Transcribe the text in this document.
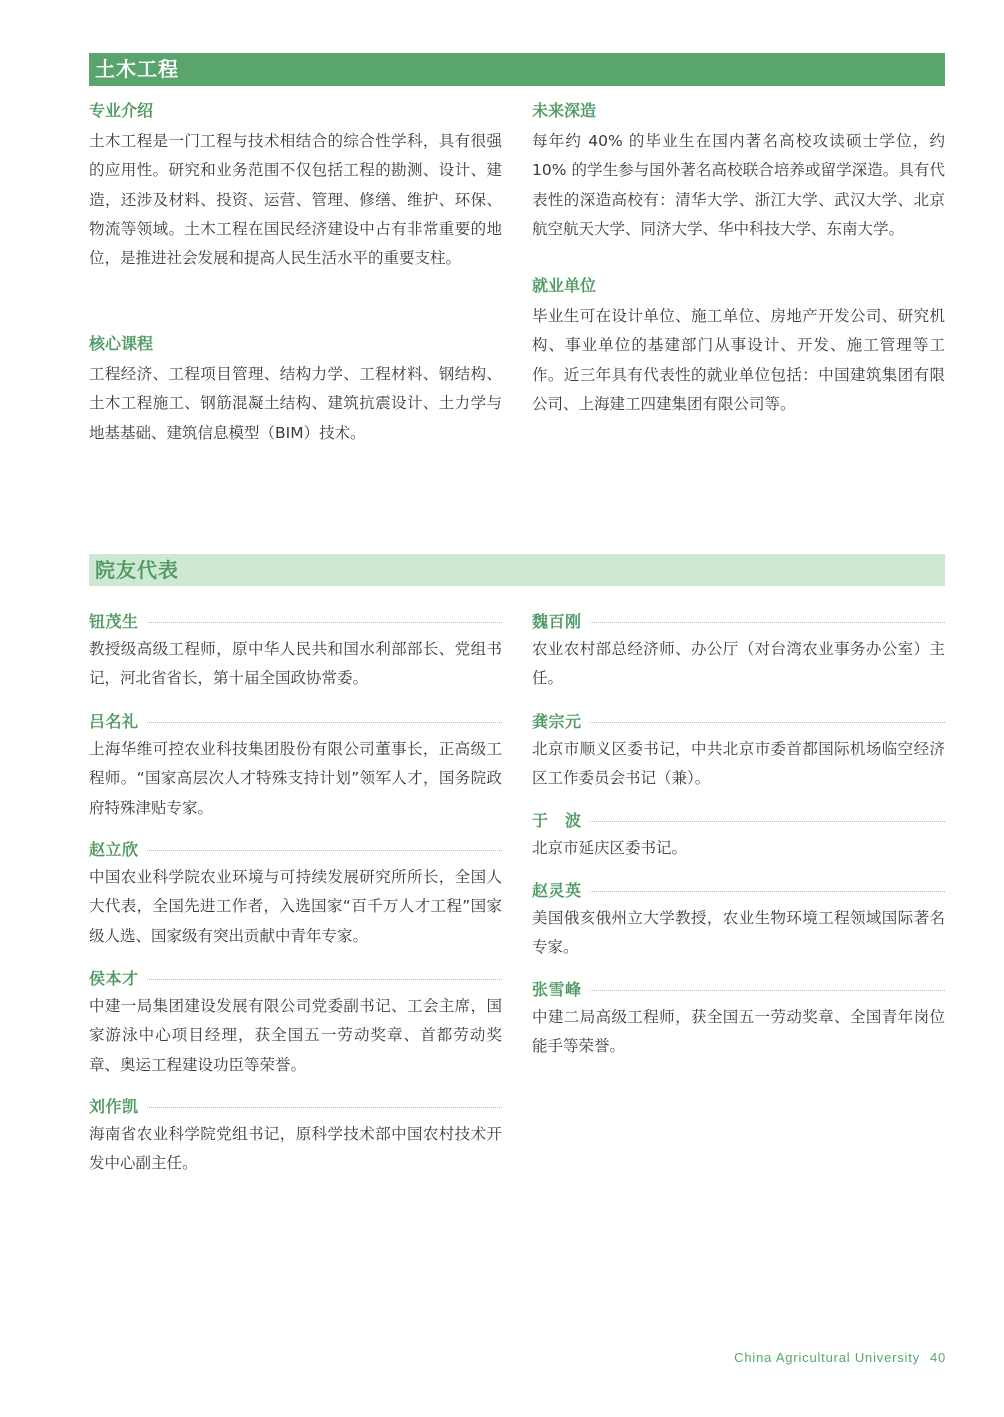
土木工程

专业介绍

土木工程是一门工程与技术相结合的综合性学科，具有很强的应用性。研究和业务范围不仅包括工程的勘测、设计、建造，还涉及材料、投资、运营、管理、修缮、维护、环保、物流等领域。土木工程在国民经济建设中占有非常重要的地位，是推进社会发展和提高人民生活水平的重要支柱。

核心课程

工程经济、工程项目管理、结构力学、工程材料、钢结构、土木工程施工、钢筋混凝土结构、建筑抗震设计、土力学与地基基础、建筑信息模型（BIM）技术。

未来深造

每年约 40% 的毕业生在国内著名高校攻读硕士学位，约10% 的学生参与国外著名高校联合培养或留学深造。具有代表性的深造高校有：清华大学、浙江大学、武汉大学、北京航空航天大学、同济大学、华中科技大学、东南大学。

就业单位

毕业生可在设计单位、施工单位、房地产开发公司、研究机构、事业单位的基建部门从事设计、开发、施工管理等工作。近三年具有代表性的就业单位包括：中国建筑集团有限公司、上海建工四建集团有限公司等。

院友代表
钮茂生

教授级高级工程师，原中华人民共和国水利部部长、党组书记，河北省省长，第十届全国政协常委。

吕名礼

上海华维可控农业科技集团股份有限公司董事长，正高级工程师。“国家高层次人才特殊支持计划”领军人才，国务院政府特殊津贴专家。

赵立欣

中国农业科学院农业环境与可持续发展研究所所长，全国人大代表，全国先进工作者，入选国家“百千万人才工程”国家级人选、国家级有突出贡献中青年专家。

侯本才

中建一局集团建设发展有限公司党委副书记、工会主席，国家游泳中心项目经理，获全国五一劳动奖章、首都劳动奖章、奥运工程建设功臣等荣誉。

刘作凯

海南省农业科学院党组书记，原科学技术部中国农村技术开发中心副主任。

魏百刚

农业农村部总经济师、办公厅（对台湾农业事务办公室）主任。

龚宗元

北京市顺义区委书记，中共北京市委首都国际机场临空经济区工作委员会书记（兼）。

于　波

北京市延庆区委书记。

赵灵英

美国俄亥俄州立大学教授，农业生物环境工程领域国际著名专家。

张雪峰

中建二局高级工程师，获全国五一劳动奖章、全国青年岗位能手等荣誉。

China Agricultural University 40
